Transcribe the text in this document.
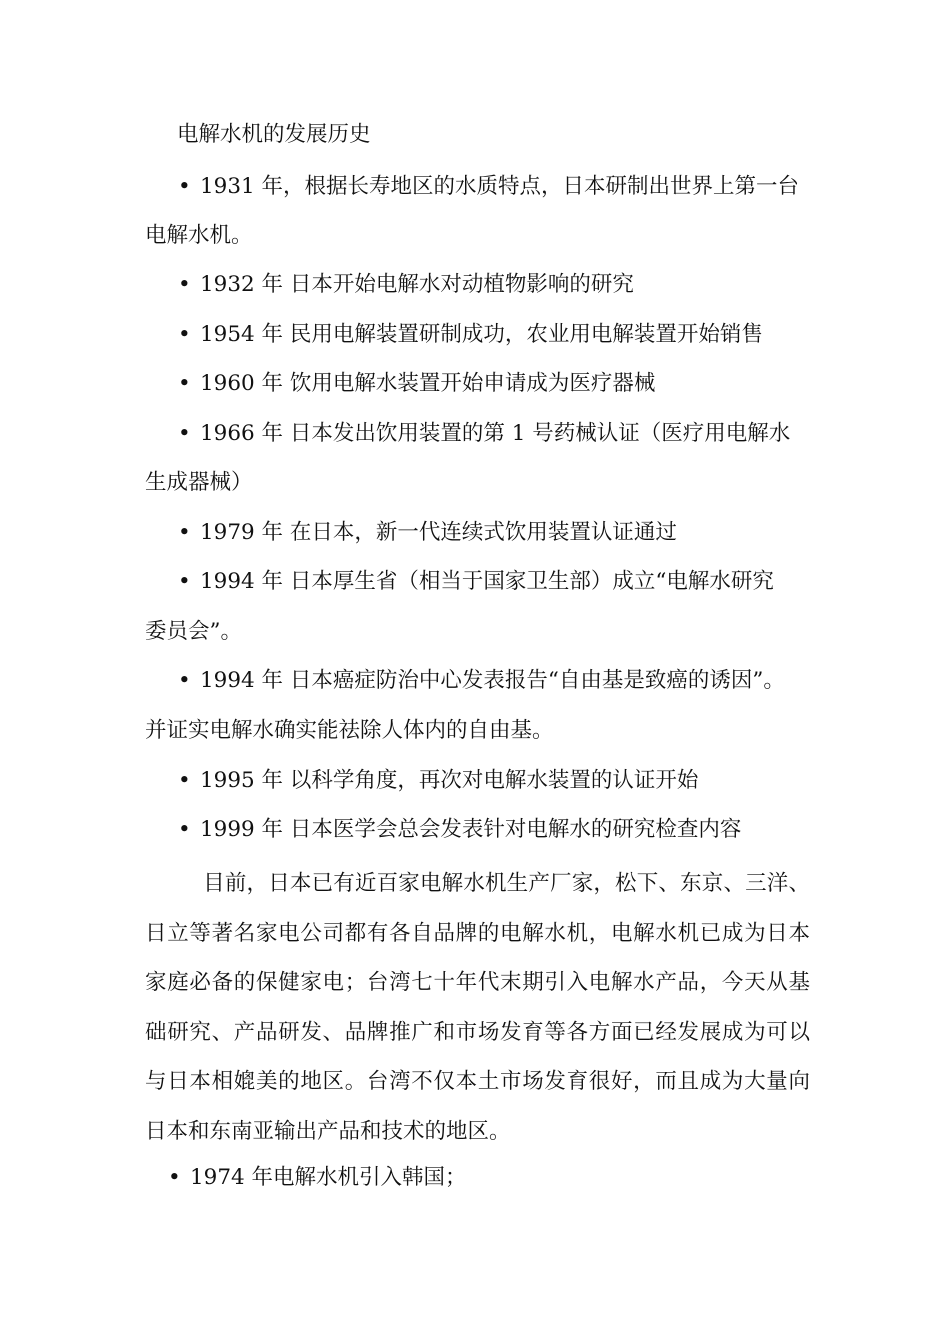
电解水机的发展历史
• 1931 年，根据长寿地区的水质特点，日本研制出世界上第一台
电解水机。
• 1932 年 日本开始电解水对动植物影响的研究
• 1954 年 民用电解装置研制成功，农业用电解装置开始销售
• 1960 年 饮用电解水装置开始申请成为医疗器械
• 1966 年 日本发出饮用装置的第 1 号药械认证（医疗用电解水
生成器械）
• 1979 年 在日本，新一代连续式饮用装置认证通过
• 1994 年 日本厚生省（相当于国家卫生部）成立“电解水研究
委员会”。
• 1994 年 日本癌症防治中心发表报告“自由基是致癌的诱因”。
并证实电解水确实能祛除人体内的自由基。
• 1995 年 以科学角度，再次对电解水装置的认证开始
• 1999 年 日本医学会总会发表针对电解水的研究检查内容
目前，日本已有近百家电解水机生产厂家，松下、东京、三洋、日立等著名家电公司都有各自品牌的电解水机，电解水机已成为日本家庭必备的保健家电；台湾七十年代末期引入电解水产品，今天从基础研究、产品研发、品牌推广和市场发育等各方面已经发展成为可以与日本相媲美的地区。台湾不仅本土市场发育很好，而且成为大量向日本和东南亚输出产品和技术的地区。
• 1974 年电解水机引入韩国；
